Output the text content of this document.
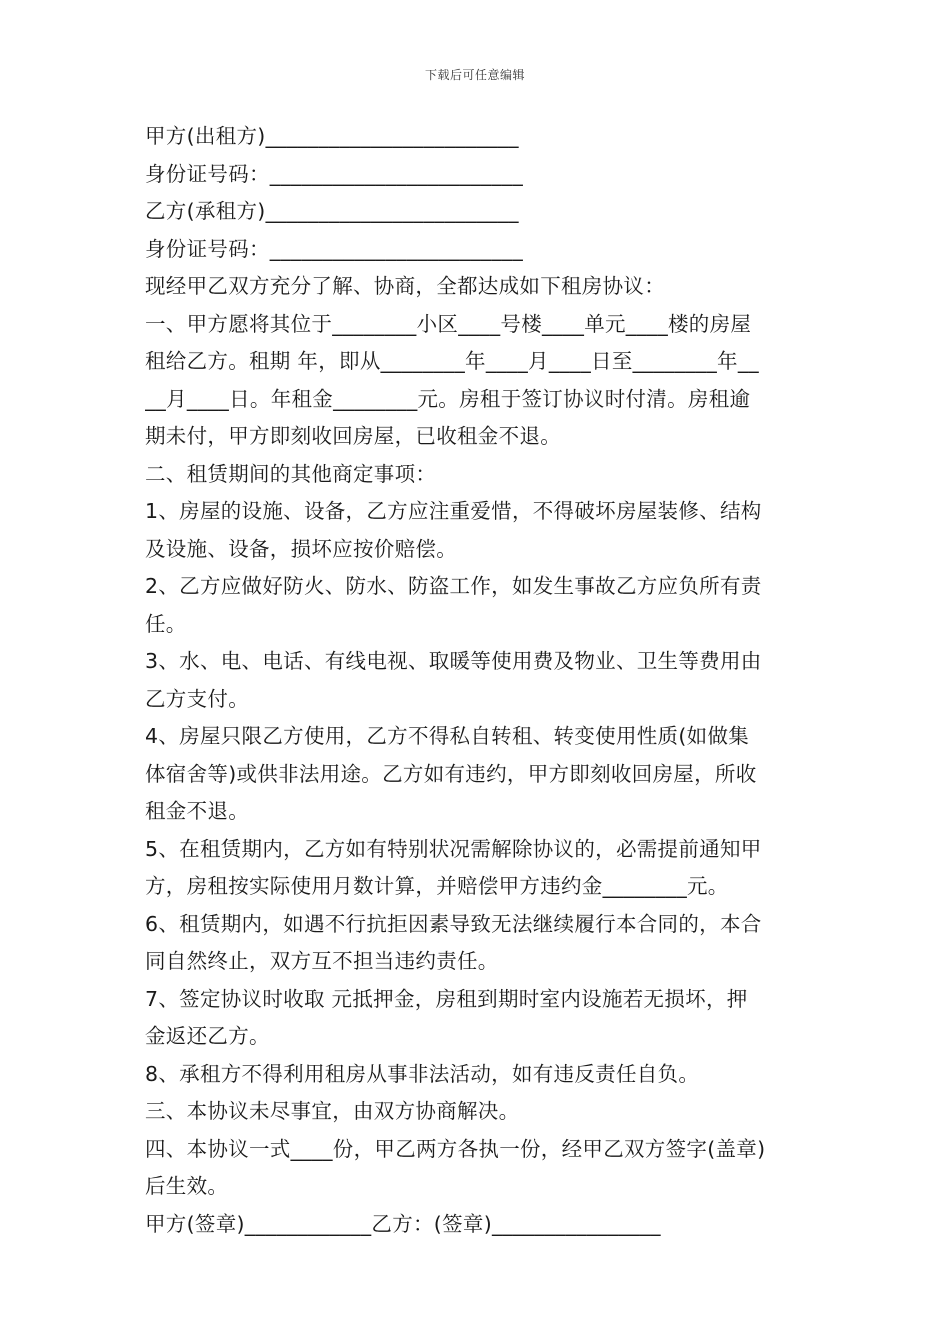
下载后可任意编辑
甲方(出租方)________________________
身份证号码：________________________
乙方(承租方)________________________
身份证号码：________________________
现经甲乙双方充分了解、协商，全都达成如下租房协议：
一、甲方愿将其位于________小区____号楼____单元____楼的房屋
租给乙方。租期 年，即从________年____月____日至________年__
__月____日。年租金________元。房租于签订协议时付清。房租逾
期未付，甲方即刻收回房屋，已收租金不退。
二、租赁期间的其他商定事项：
1、房屋的设施、设备，乙方应注重爱惜，不得破坏房屋装修、结构
及设施、设备，损坏应按价赔偿。
2、乙方应做好防火、防水、防盗工作，如发生事故乙方应负所有责
任。
3、水、电、电话、有线电视、取暖等使用费及物业、卫生等费用由
乙方支付。
4、房屋只限乙方使用，乙方不得私自转租、转变使用性质(如做集
体宿舍等)或供非法用途。乙方如有违约，甲方即刻收回房屋，所收
租金不退。
5、在租赁期内，乙方如有特别状况需解除协议的，必需提前通知甲
方，房租按实际使用月数计算，并赔偿甲方违约金________元。
6、租赁期内，如遇不行抗拒因素导致无法继续履行本合同的，本合
同自然终止，双方互不担当违约责任。
7、签定协议时收取 元抵押金，房租到期时室内设施若无损坏，押
金返还乙方。
8、承租方不得利用租房从事非法活动，如有违反责任自负。
三、本协议未尽事宜，由双方协商解决。
四、本协议一式____份，甲乙两方各执一份，经甲乙双方签字(盖章)
后生效。
甲方(签章)____________乙方：(签章)________________
